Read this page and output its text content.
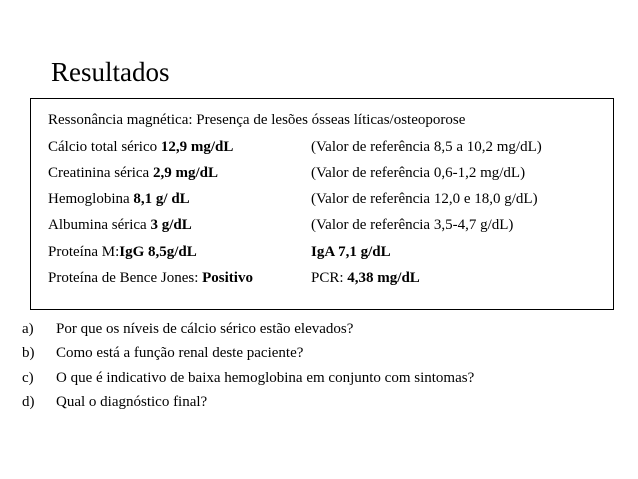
Resultados
Ressonância magnética: Presença de lesões ósseas líticas/osteoporose
Cálcio total sérico 12,9 mg/dL	(Valor de referência 8,5 a 10,2 mg/dL)
Creatinina sérica 2,9 mg/dL	(Valor de referência 0,6-1,2 mg/dL)
Hemoglobina 8,1 g/ dL	(Valor de referência 12,0 e 18,0 g/dL)
Albumina sérica 3 g/dL	(Valor de referência 3,5-4,7 g/dL)
Proteína M:IgG 8,5g/dL	IgA 7,1 g/dL
Proteína de Bence Jones: Positivo	PCR: 4,38 mg/dL
a) Por que os níveis de cálcio sérico estão elevados?
b) Como está a função renal deste paciente?
c) O que é indicativo de baixa hemoglobina em conjunto com sintomas?
d) Qual o diagnóstico final?
